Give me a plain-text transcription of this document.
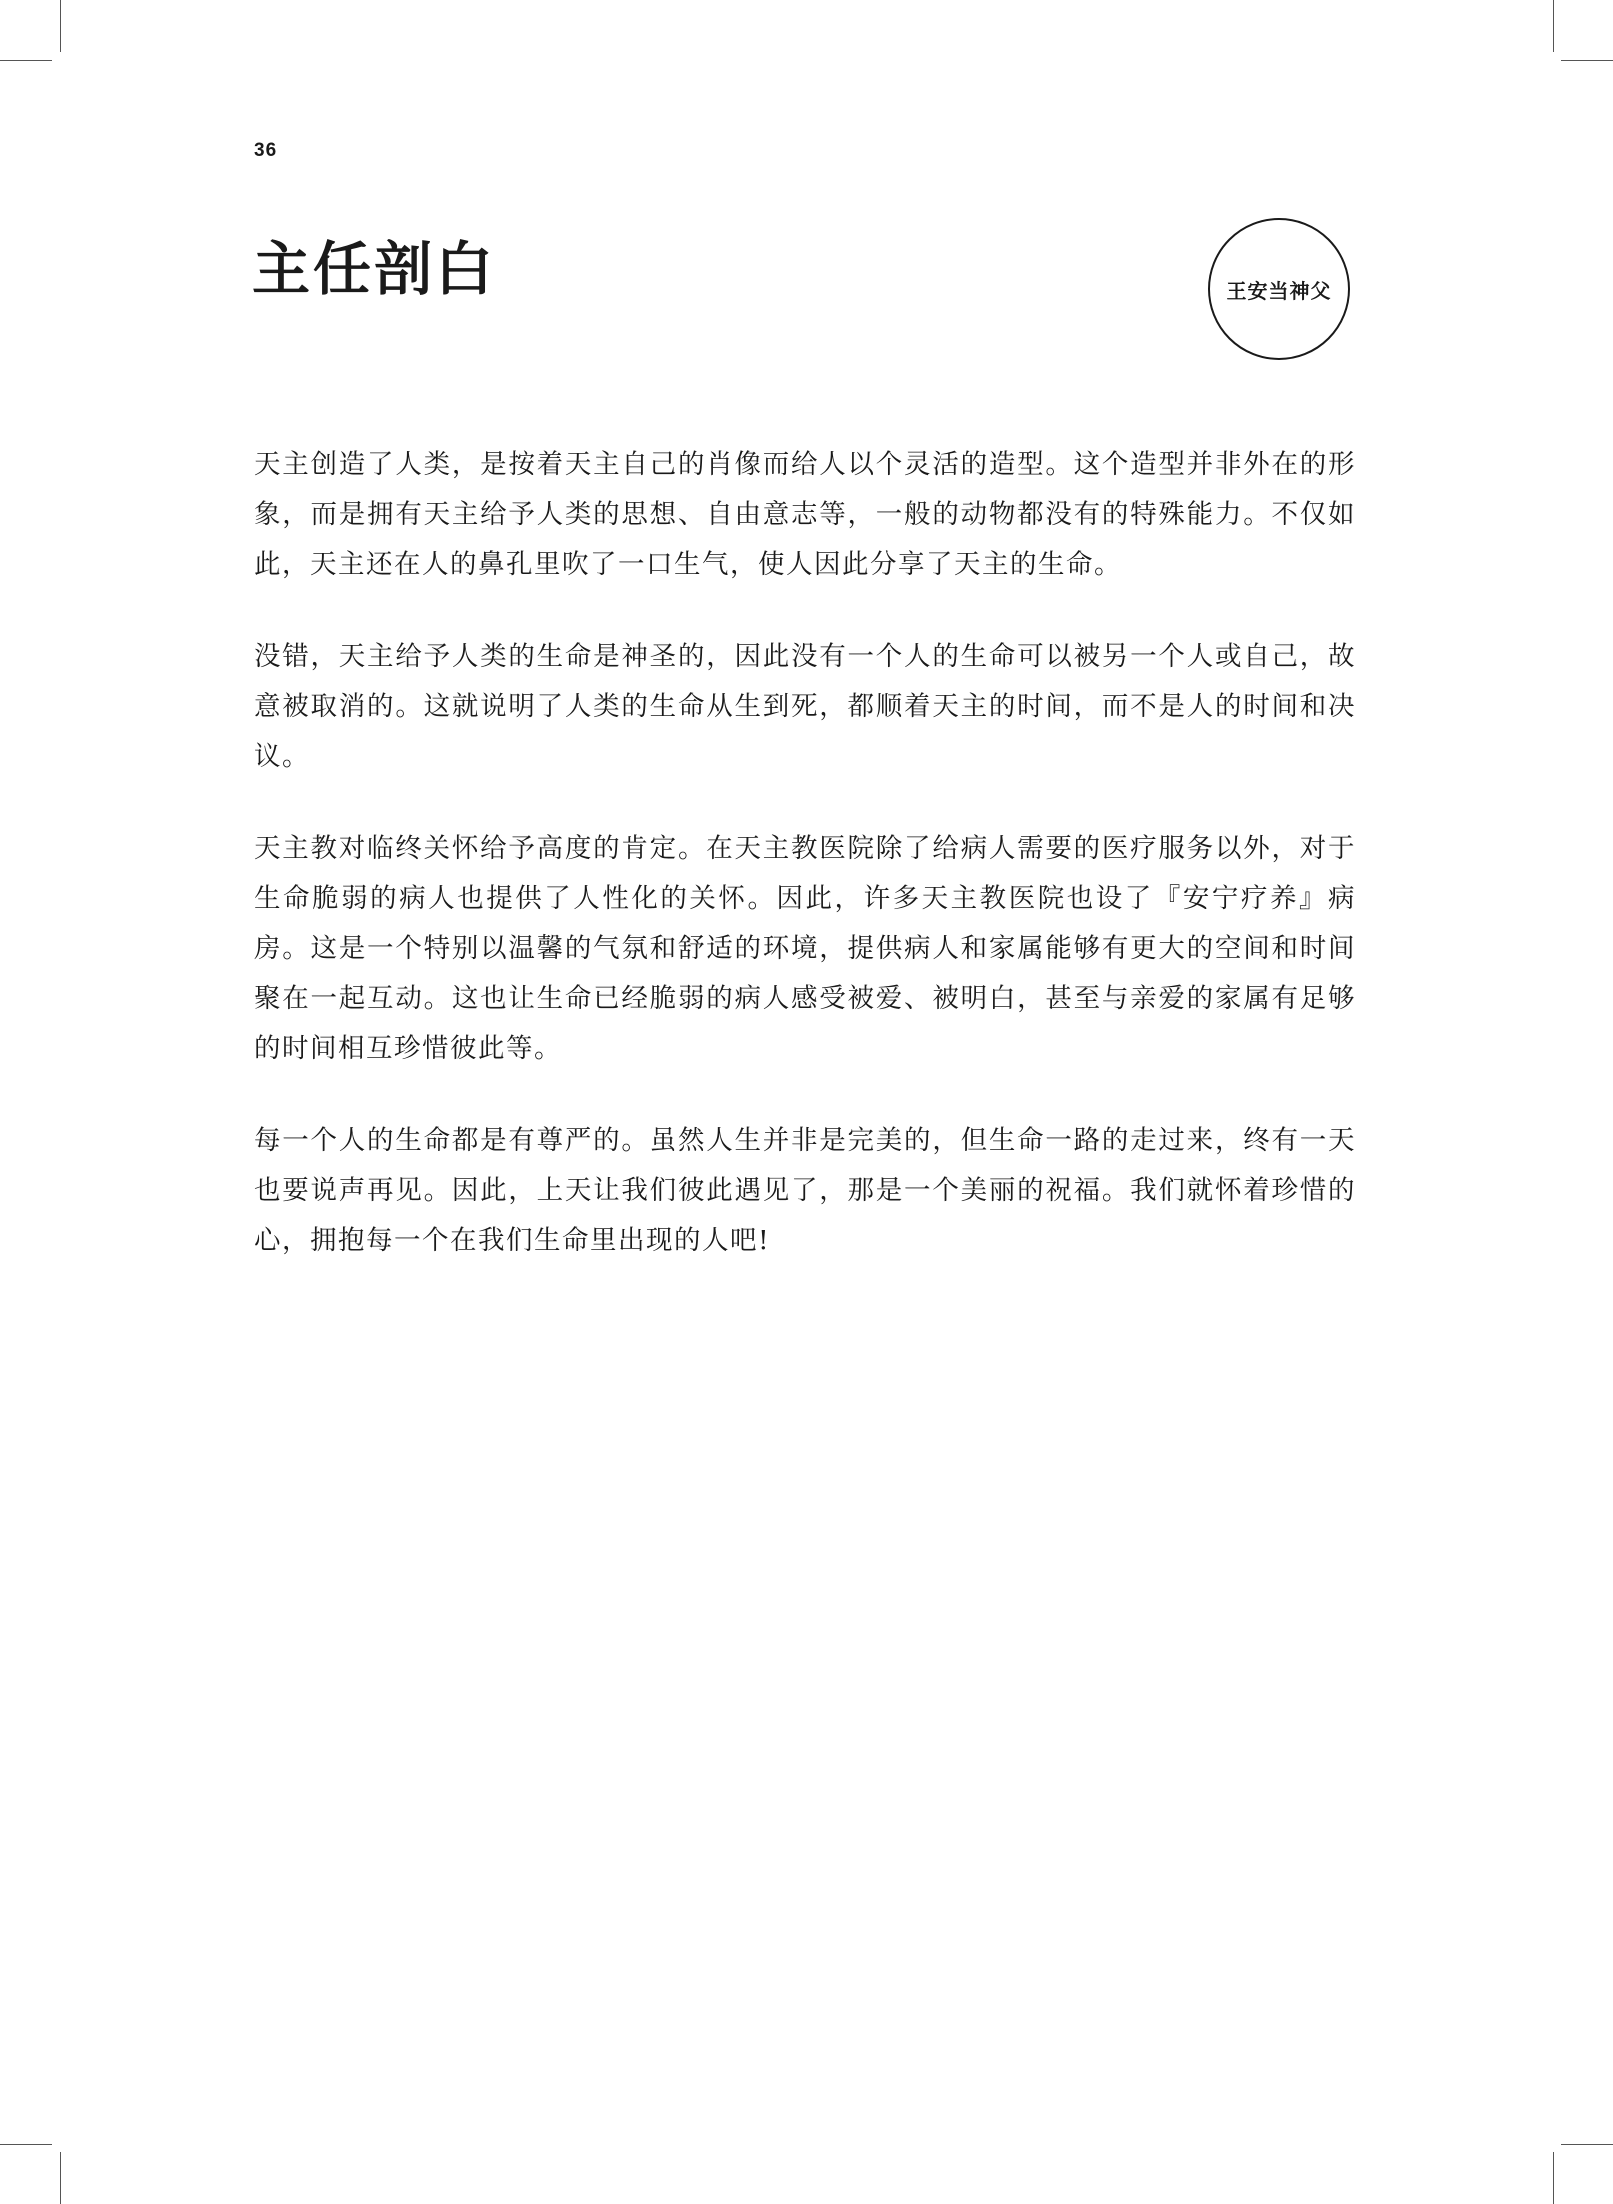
36
主任剖白	王安当神父

天主创造了人类，是按着天主自己的肖像而给人以个灵活的造型。这个造型并非外在的形象，而是拥有天主给予人类的思想、自由意志等，一般的动物都没有的特殊能力。不仅如此，天主还在人的鼻孔里吹了一口生气，使人因此分享了天主的生命。

没错，天主给予人类的生命是神圣的，因此没有一个人的生命可以被另一个人或自己，故意被取消的。这就说明了人类的生命从生到死，都顺着天主的时间，而不是人的时间和决议。

天主教对临终关怀给予高度的肯定。在天主教医院除了给病人需要的医疗服务以外，对于生命脆弱的病人也提供了人性化的关怀。因此，许多天主教医院也设了『安宁疗养』病房。这是一个特别以温馨的气氛和舒适的环境，提供病人和家属能够有更大的空间和时间聚在一起互动。这也让生命已经脆弱的病人感受被爱、被明白，甚至与亲爱的家属有足够的时间相互珍惜彼此等。

每一个人的生命都是有尊严的。虽然人生并非是完美的，但生命一路的走过来，终有一天也要说声再见。因此，上天让我们彼此遇见了，那是一个美丽的祝福。我们就怀着珍惜的心，拥抱每一个在我们生命里出现的人吧!
